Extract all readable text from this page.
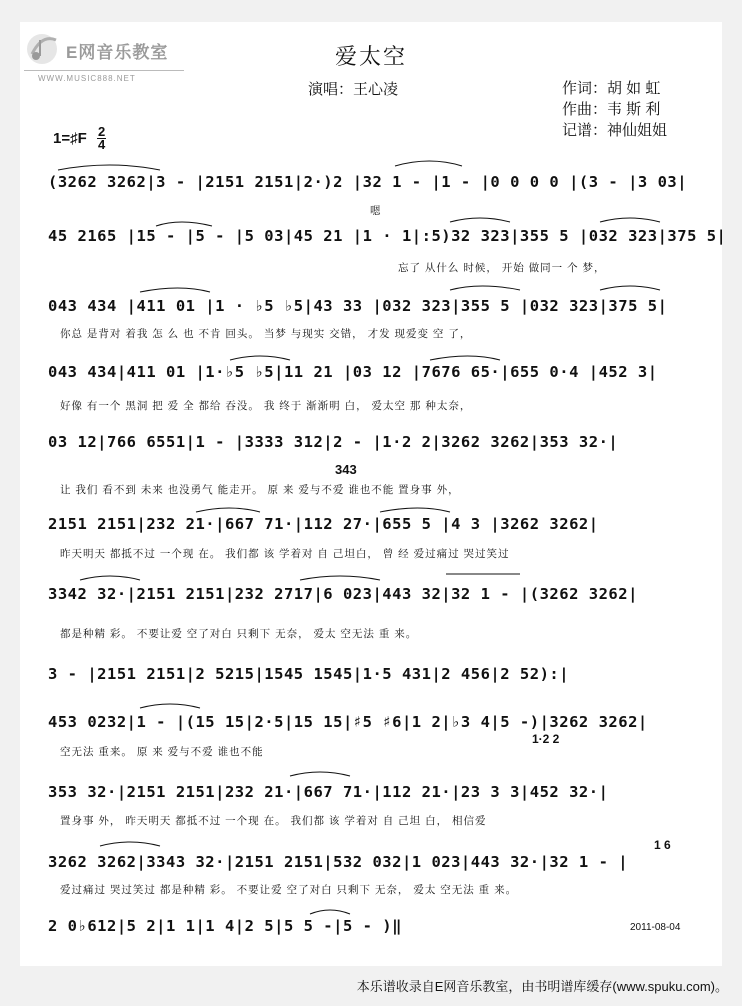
E网音乐教室
WWW.MUSIC888.NET
爱太空
演唱：王心凌	作词：胡 如 虹
作曲：韦 斯 利
记谱：神仙姐姐
1=♯F $\frac{2}{4}$
(3262 3262|3 - |2151 2151|2·)2 |32 1 - |1 - |0 0 0 0 |(3 - |3 03|
嗯
45 2165 |15 - |5 - |5 03|45 21 |1 · 1|:5)32 323|355 5 |032 323|375 5|
忘了 从什么 时候， 开始 做同一 个 梦，
043 434 |411 01 |1 · ♭5 ♭5|43 33 |032 323|355 5 |032 323|375 5|
你总 是背对 着我 怎 么 也 不肯 回头。 当梦 与现实 交错， 才发 现爱变 空 了，
043 434|411 01 |1·♭5 ♭5|11 21 |03 12 |7676 65·|655 0·4 |452 3|
好像 有一个 黑洞 把 爱 全 都给 吞没。 我 终于 渐渐明 白， 爱太空 那 种太奈，
343
03 12|766 6551|1 - |3333 312|2 - |1·2 2|3262 3262|353 32·|
让 我们 看不到 未来 也没勇气 能走开。 原 来 爱与不爱 谁也不能 置身事 外，
2151 2151|232 21·|667 71·|112 27·|655 5 |4 3 |3262 3262|
昨天明天 都抵不过 一个现 在。 我们都 该 学着对 自 己坦白， 曾 经 爱过痛过 哭过笑过
3342 32·|2151 2151|232 2717|6 023|443 32|32 1 - |(3262 3262|
都是种精 彩。 不要让爱 空了对白 只剩下 无奈， 爱太 空无法 重 来。
3 - |2151 2151|2 5215|1545 1545|1·5 431|2 456|2 52):|
453 0232|1 - |(15 15|2·5|15 15|♯5 ♯6|1 2|♭3 4|5 -)|3262 3262|
1·2 2
空无法 重来。 原 来 爱与不爱 谁也不能
353 32·|2151 2151|232 21·|667 71·|112 21·|23 3 3|452 32·|
置身事 外， 昨天明天 都抵不过 一个现 在。 我们都 该 学着对 自 己坦 白， 相信爱
1 6
3262 3262|3343 32·|2151 2151|532 032|1 023|443 32·|32 1 - |
爱过痛过 哭过笑过 都是种精 彩。 不要让爱 空了对白 只剩下 无奈， 爱太 空无法 重 来。
2 0♭612|5 2|1 1|1 4|2 5|5 5 -|5 - )‖	2011-08-04
本乐谱收录自E网音乐教室，由书明谱库缓存(www.spuku.com)。
